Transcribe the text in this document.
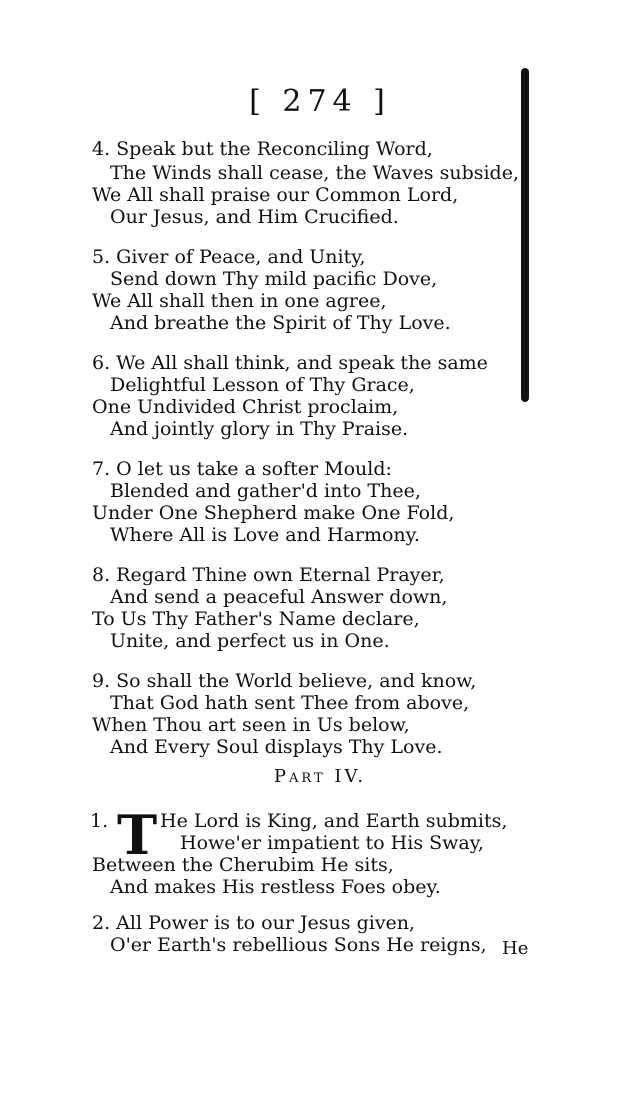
[ 274 ]
4. Speak but the Reconciling Word,
The Winds shall cease, the Waves subside,
We All shall praise our Common Lord,
Our Jesus, and Him Crucified.
5. Giver of Peace, and Unity,
Send down Thy mild pacific Dove,
We All shall then in one agree,
And breathe the Spirit of Thy Love.
6. We All shall think, and speak the same
Delightful Lesson of Thy Grace,
One Undivided Christ proclaim,
And jointly glory in Thy Praise.
7. O let us take a softer Mould:
Blended and gather'd into Thee,
Under One Shepherd make One Fold,
Where All is Love and Harmony.
8. Regard Thine own Eternal Prayer,
And send a peaceful Answer down,
To Us Thy Father's Name declare,
Unite, and perfect us in One.
9. So shall the World believe, and know,
That God hath sent Thee from above,
When Thou art seen in Us below,
And Every Soul displays Thy Love.
Part IV.
1. T He Lord is King, and Earth submits,
Howe'er impatient to His Sway,
Between the Cherubim He sits,
And makes His restless Foes obey.
2. All Power is to our Jesus given,
O'er Earth's rebellious Sons He reigns, He
